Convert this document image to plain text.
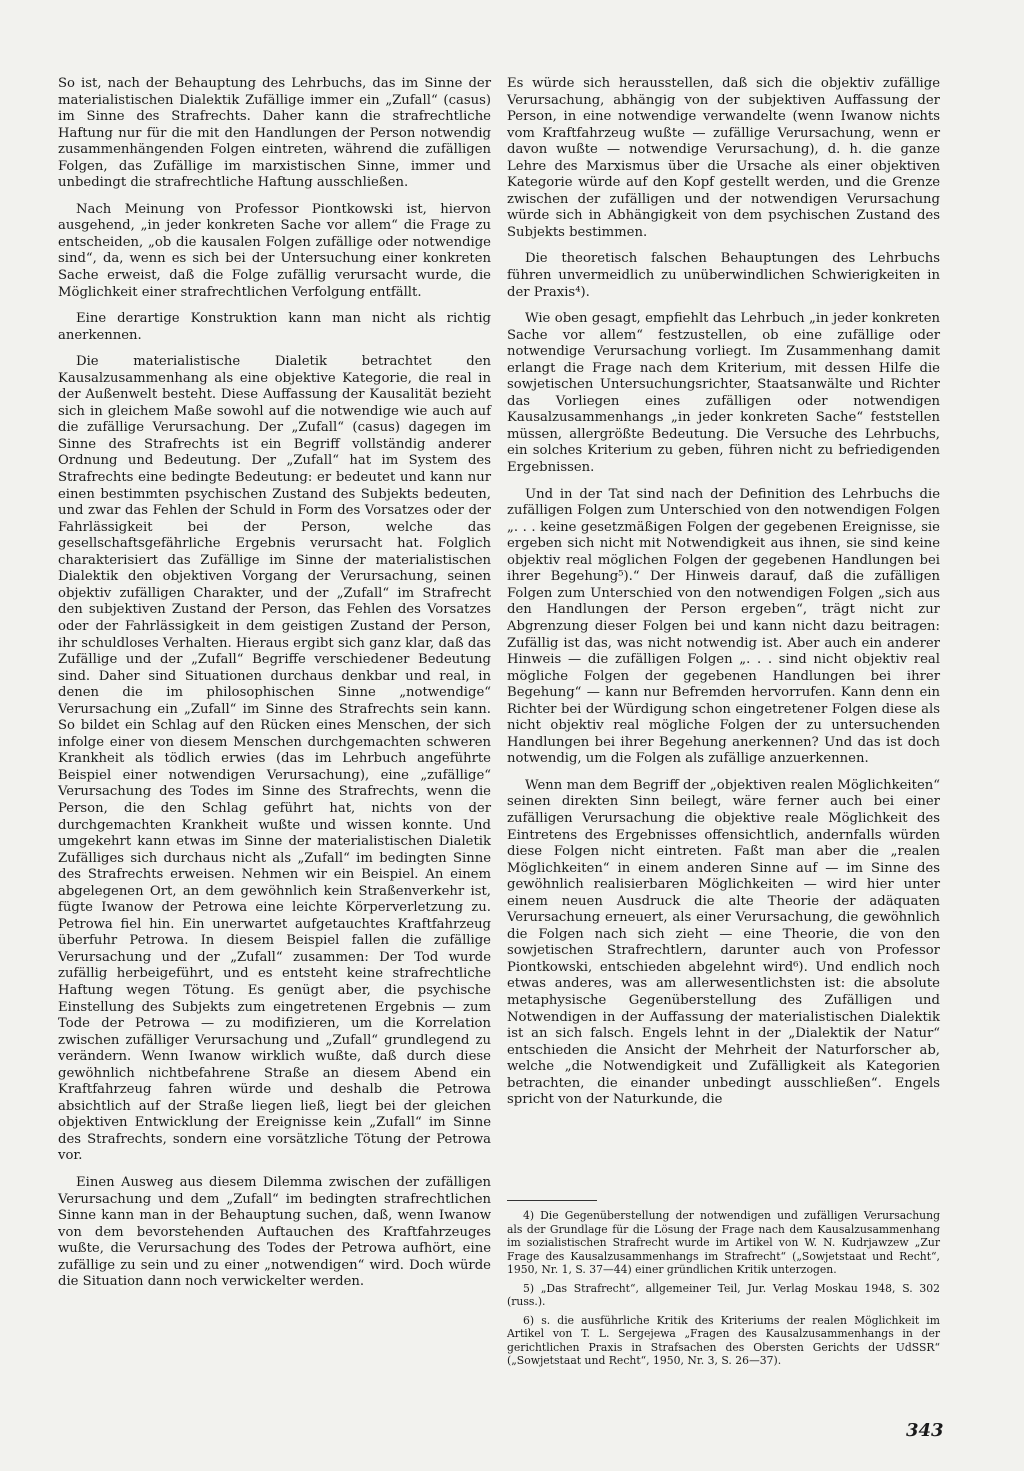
So ist, nach der Behauptung des Lehrbuchs, das im Sinne der materialistischen Dialektik Zufällige immer ein „Zufall“ (casus) im Sinne des Strafrechts. Daher kann die strafrechtliche Haftung nur für die mit den Handlungen der Person notwendig zusammenhängenden Folgen eintreten, während die zufälligen Folgen, das Zufällige im marxistischen Sinne, immer und unbedingt die strafrechtliche Haftung ausschließen.

Nach Meinung von Professor Piontkowski ist, hiervon ausgehend, „in jeder konkreten Sache vor allem“ die Frage zu entscheiden, „ob die kausalen Folgen zufällige oder notwendige sind“, da, wenn es sich bei der Untersuchung einer konkreten Sache erweist, daß die Folge zufällig verursacht wurde, die Möglichkeit einer strafrechtlichen Verfolgung entfällt.

Eine derartige Konstruktion kann man nicht als richtig anerkennen.

Die materialistische Dialetik betrachtet den Kausalzusammenhang als eine objektive Kategorie, die real in der Außenwelt besteht. Diese Auffassung der Kausalität bezieht sich in gleichem Maße sowohl auf die notwendige wie auch auf die zufällige Verursachung. Der „Zufall“ (casus) dagegen im Sinne des Strafrechts ist ein Begriff vollständig anderer Ordnung und Bedeutung. Der „Zufall“ hat im System des Strafrechts eine bedingte Bedeutung: er bedeutet und kann nur einen bestimmten psychischen Zustand des Subjekts bedeuten, und zwar das Fehlen der Schuld in Form des Vorsatzes oder der Fahrlässigkeit bei der Person, welche das gesellschaftsgefährliche Ergebnis verursacht hat. Folglich charakterisiert das Zufällige im Sinne der materialistischen Dialektik den objektiven Vorgang der Verursachung, seinen objektiv zufälligen Charakter, und der „Zufall“ im Strafrecht den subjektiven Zustand der Person, das Fehlen des Vorsatzes oder der Fahrlässigkeit in dem geistigen Zustand der Person, ihr schuldloses Verhalten. Hieraus ergibt sich ganz klar, daß das Zufällige und der „Zufall“ Begriffe verschiedener Bedeutung sind. Daher sind Situationen durchaus denkbar und real, in denen die im philosophischen Sinne „notwendige“ Verursachung ein „Zufall“ im Sinne des Strafrechts sein kann. So bildet ein Schlag auf den Rücken eines Menschen, der sich infolge einer von diesem Menschen durchgemachten schweren Krankheit als tödlich erwies (das im Lehrbuch angeführte Beispiel einer notwendigen Verursachung), eine „zufällige“ Verursachung des Todes im Sinne des Strafrechts, wenn die Person, die den Schlag geführt hat, nichts von der durchgemachten Krankheit wußte und wissen konnte. Und umgekehrt kann etwas im Sinne der materialistischen Dialetik Zufälliges sich durchaus nicht als „Zufall“ im bedingten Sinne des Strafrechts erweisen. Nehmen wir ein Beispiel. An einem abgelegenen Ort, an dem gewöhnlich kein Straßenverkehr ist, fügte Iwanow der Petrowa eine leichte Körperverletzung zu. Petrowa fiel hin. Ein unerwartet aufgetauchtes Kraftfahrzeug überfuhr Petrowa. In diesem Beispiel fallen die zufällige Verursachung und der „Zufall“ zusammen: Der Tod wurde zufällig herbeigeführt, und es entsteht keine strafrechtliche Haftung wegen Tötung. Es genügt aber, die psychische Einstellung des Subjekts zum eingetretenen Ergebnis — zum Tode der Petrowa — zu modifizieren, um die Korrelation zwischen zufälliger Verursachung und „Zufall“ grundlegend zu verändern. Wenn Iwanow wirklich wußte, daß durch diese gewöhnlich nichtbefahrene Straße an diesem Abend ein Kraftfahrzeug fahren würde und deshalb die Petrowa absichtlich auf der Straße liegen ließ, liegt bei der gleichen objektiven Entwicklung der Ereignisse kein „Zufall“ im Sinne des Strafrechts, sondern eine vorsätzliche Tötung der Petrowa vor.

Einen Ausweg aus diesem Dilemma zwischen der zufälligen Verursachung und dem „Zufall“ im bedingten strafrechtlichen Sinne kann man in der Behauptung suchen, daß, wenn Iwanow von dem bevorstehenden Auftauchen des Kraftfahrzeuges wußte, die Verursachung des Todes der Petrowa aufhört, eine zufällige zu sein und zu einer „notwendigen“ wird. Doch würde die Situation dann noch verwickelter werden.

Es würde sich herausstellen, daß sich die objektiv zufällige Verursachung, abhängig von der subjektiven Auffassung der Person, in eine notwendige verwandelte (wenn Iwanow nichts vom Kraftfahrzeug wußte — zufällige Verursachung, wenn er davon wußte — notwendige Verursachung), d. h. die ganze Lehre des Marxismus über die Ursache als einer objektiven Kategorie würde auf den Kopf gestellt werden, und die Grenze zwischen der zufälligen und der notwendigen Verursachung würde sich in Abhängigkeit von dem psychischen Zustand des Subjekts bestimmen.

Die theoretisch falschen Behauptungen des Lehrbuchs führen unvermeidlich zu unüberwindlichen Schwierigkeiten in der Praxis⁴).

Wie oben gesagt, empfiehlt das Lehrbuch „in jeder konkreten Sache vor allem“ festzustellen, ob eine zufällige oder notwendige Verursachung vorliegt. Im Zusammenhang damit erlangt die Frage nach dem Kriterium, mit dessen Hilfe die sowjetischen Untersuchungsrichter, Staatsanwälte und Richter das Vorliegen eines zufälligen oder notwendigen Kausalzusammenhangs „in jeder konkreten Sache“ feststellen müssen, allergrößte Bedeutung. Die Versuche des Lehrbuchs, ein solches Kriterium zu geben, führen nicht zu befriedigenden Ergebnissen.

Und in der Tat sind nach der Definition des Lehrbuchs die zufälligen Folgen zum Unterschied von den notwendigen Folgen „. . . keine gesetzmäßigen Folgen der gegebenen Ereignisse, sie ergeben sich nicht mit Notwendigkeit aus ihnen, sie sind keine objektiv real möglichen Folgen der gegebenen Handlungen bei ihrer Begehung⁵).“ Der Hinweis darauf, daß die zufälligen Folgen zum Unterschied von den notwendigen Folgen „sich aus den Handlungen der Person ergeben“, trägt nicht zur Abgrenzung dieser Folgen bei und kann nicht dazu beitragen: Zufällig ist das, was nicht notwendig ist. Aber auch ein anderer Hinweis — die zufälligen Folgen „. . . sind nicht objektiv real mögliche Folgen der gegebenen Handlungen bei ihrer Begehung“ — kann nur Befremden hervorrufen. Kann denn ein Richter bei der Würdigung schon eingetretener Folgen diese als nicht objektiv real mögliche Folgen der zu untersuchenden Handlungen bei ihrer Begehung anerkennen? Und das ist doch notwendig, um die Folgen als zufällige anzuerkennen.

Wenn man dem Begriff der „objektiven realen Möglichkeiten“ seinen direkten Sinn beilegt, wäre ferner auch bei einer zufälligen Verursachung die objektive reale Möglichkeit des Eintretens des Ergebnisses offensichtlich, andernfalls würden diese Folgen nicht eintreten. Faßt man aber die „realen Möglichkeiten“ in einem anderen Sinne auf — im Sinne des gewöhnlich realisierbaren Möglichkeiten — wird hier unter einem neuen Ausdruck die alte Theorie der adäquaten Verursachung erneuert, als einer Verursachung, die gewöhnlich die Folgen nach sich zieht — eine Theorie, die von den sowjetischen Strafrechtlern, darunter auch von Professor Piontkowski, entschieden abgelehnt wird⁶). Und endlich noch etwas anderes, was am allerwesentlichsten ist: die absolute metaphysische Gegenüberstellung des Zufälligen und Notwendigen in der Auffassung der materialistischen Dialektik ist an sich falsch. Engels lehnt in der „Dialektik der Natur“ entschieden die Ansicht der Mehrheit der Naturforscher ab, welche „die Notwendigkeit und Zufälligkeit als Kategorien betrachten, die einander unbedingt ausschließen“. Engels spricht von der Naturkunde, die

4) Die Gegenüberstellung der notwendigen und zufälligen Verursachung als der Grundlage für die Lösung der Frage nach dem Kausalzusammenhang im sozialistischen Strafrecht wurde im Artikel von W. N. Kudrjawzew „Zur Frage des Kausalzusammenhangs im Strafrecht“ („Sowjetstaat und Recht“, 1950, Nr. 1, S. 37—44) einer gründlichen Kritik unterzogen.

5) „Das Strafrecht“, allgemeiner Teil, Jur. Verlag Moskau 1948, S. 302 (russ.).

6) s. die ausführliche Kritik des Kriteriums der realen Möglichkeit im Artikel von T. L. Sergejewa „Fragen des Kausalzusammenhangs in der gerichtlichen Praxis in Strafsachen des Obersten Gerichts der UdSSR“ („Sowjetstaat und Recht“, 1950, Nr. 3, S. 26—37).

343
